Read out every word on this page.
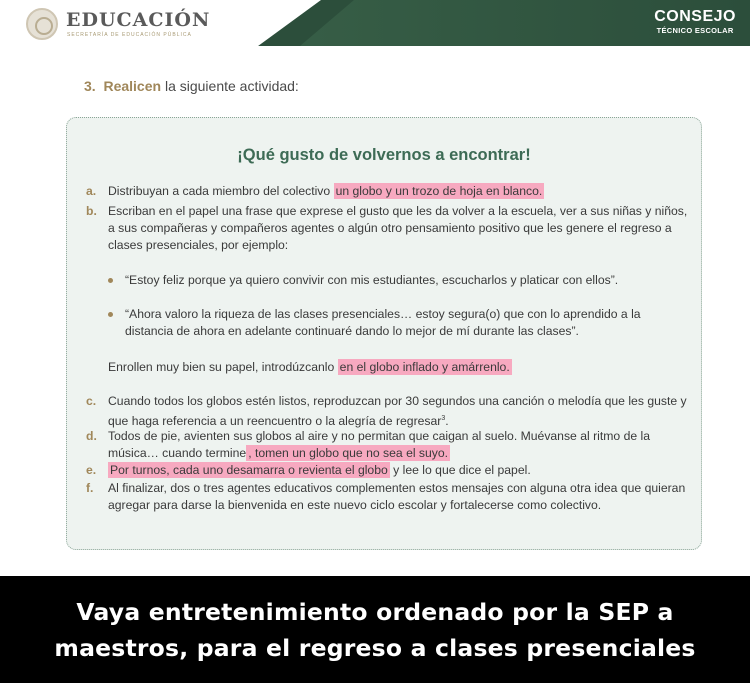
EDUCACIÓN
SECRETARÍA DE EDUCACIÓN PÚBLICA
CONSEJO
TÉCNICO ESCOLAR
3. Realicen la siguiente actividad:
¡Qué gusto de volvernos a encontrar!
a. Distribuyan a cada miembro del colectivo un globo y un trozo de hoja en blanco.
b. Escriban en el papel una frase que exprese el gusto que les da volver a la escuela, ver a sus niñas y niños, a sus compañeras y compañeros agentes o algún otro pensamiento positivo que les genere el regreso a clases presenciales, por ejemplo:
“Estoy feliz porque ya quiero convivir con mis estudiantes, escucharlos y platicar con ellos”.
“Ahora valoro la riqueza de las clases presenciales… estoy segura(o) que con lo aprendido a la distancia de ahora en adelante continuaré dando lo mejor de mí durante las clases”.
Enrollen muy bien su papel, introdúzcanlo en el globo inflado y amárrenlo.
c. Cuando todos los globos estén listos, reproduzcan por 30 segundos una canción o melodía que les guste y que haga referencia a un reencuentro o la alegría de regresar$^3$.
d. Todos de pie, avienten sus globos al aire y no permitan que caigan al suelo. Muévanse al ritmo de la música… cuando termine , tomen un globo que no sea el suyo.
e.	Por turnos, cada uno desamarra o revienta el globo y lee lo que dice el papel.
f.	Al finalizar, dos o tres agentes educativos complementen estos mensajes con alguna otra idea que quieran agregar para darse la bienvenida en este nuevo ciclo escolar y fortalecerse como colectivo.
Vaya entretenimiento ordenado por la SEP a
maestros, para el regreso a clases presenciales
